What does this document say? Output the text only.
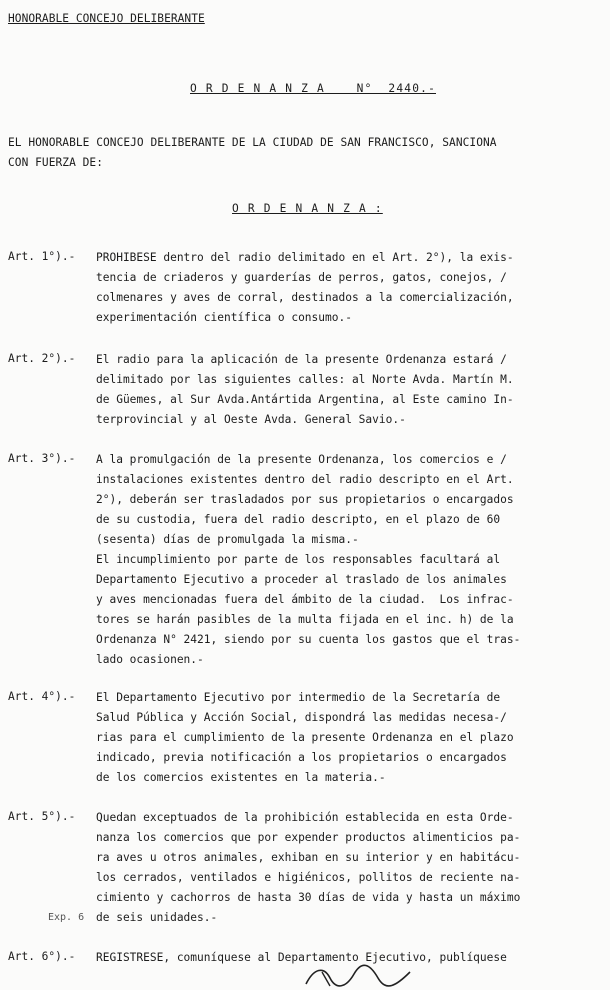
HONORABLE CONCEJO DELIBERANTE
O R D E N A N Z A    N°  2440.-
EL HONORABLE CONCEJO DELIBERANTE DE LA CIUDAD DE SAN FRANCISCO, SANCIONA
CON FUERZA DE:
O R D E N A N Z A :
Art. 1°).- PROHIBESE dentro del radio delimitado en el Art. 2°), la exis-
tencia de criaderos y guarderías de perros, gatos, conejos, /
colmenares y aves de corral, destinados a la comercialización,
experimentación científica o consumo.-
Art. 2°).- El radio para la aplicación de la presente Ordenanza estará /
delimitado por las siguientes calles: al Norte Avda. Martín M.
de Güemes, al Sur Avda.Antártida Argentina, al Este camino In-
terprovincial y al Oeste Avda. General Savio.-
Art. 3°).- A la promulgación de la presente Ordenanza, los comercios e /
instalaciones existentes dentro del radio descripto en el Art.
2°), deberán ser trasladados por sus propietarios o encargados
de su custodia, fuera del radio descripto, en el plazo de 60
(sesenta) días de promulgada la misma.-
El incumplimiento por parte de los responsables facultará al
Departamento Ejecutivo a proceder al traslado de los animales
y aves mencionadas fuera del ámbito de la ciudad.  Los infrac-
tores se harán pasibles de la multa fijada en el inc. h) de la
Ordenanza N° 2421, siendo por su cuenta los gastos que el tras-
lado ocasionen.-
Art. 4°).- El Departamento Ejecutivo por intermedio de la Secretaría de
Salud Pública y Acción Social, dispondrá las medidas necesa-/
rias para el cumplimiento de la presente Ordenanza en el plazo
indicado, previa notificación a los propietarios o encargados
de los comercios existentes en la materia.-
Art. 5°).- Quedan exceptuados de la prohibición establecida en esta Orde-
nanza los comercios que por expender productos alimenticios pa-
ra aves u otros animales, exhiban en su interior y en habitácu-
los cerrados, ventilados e higiénicos, pollitos de reciente na-
cimiento y cachorros de hasta 30 días de vida y hasta un máximo
de seis unidades.-
Exp. 6
Art. 6°).- REGISTRESE, comuníquese al Departamento Ejecutivo, publíquese
